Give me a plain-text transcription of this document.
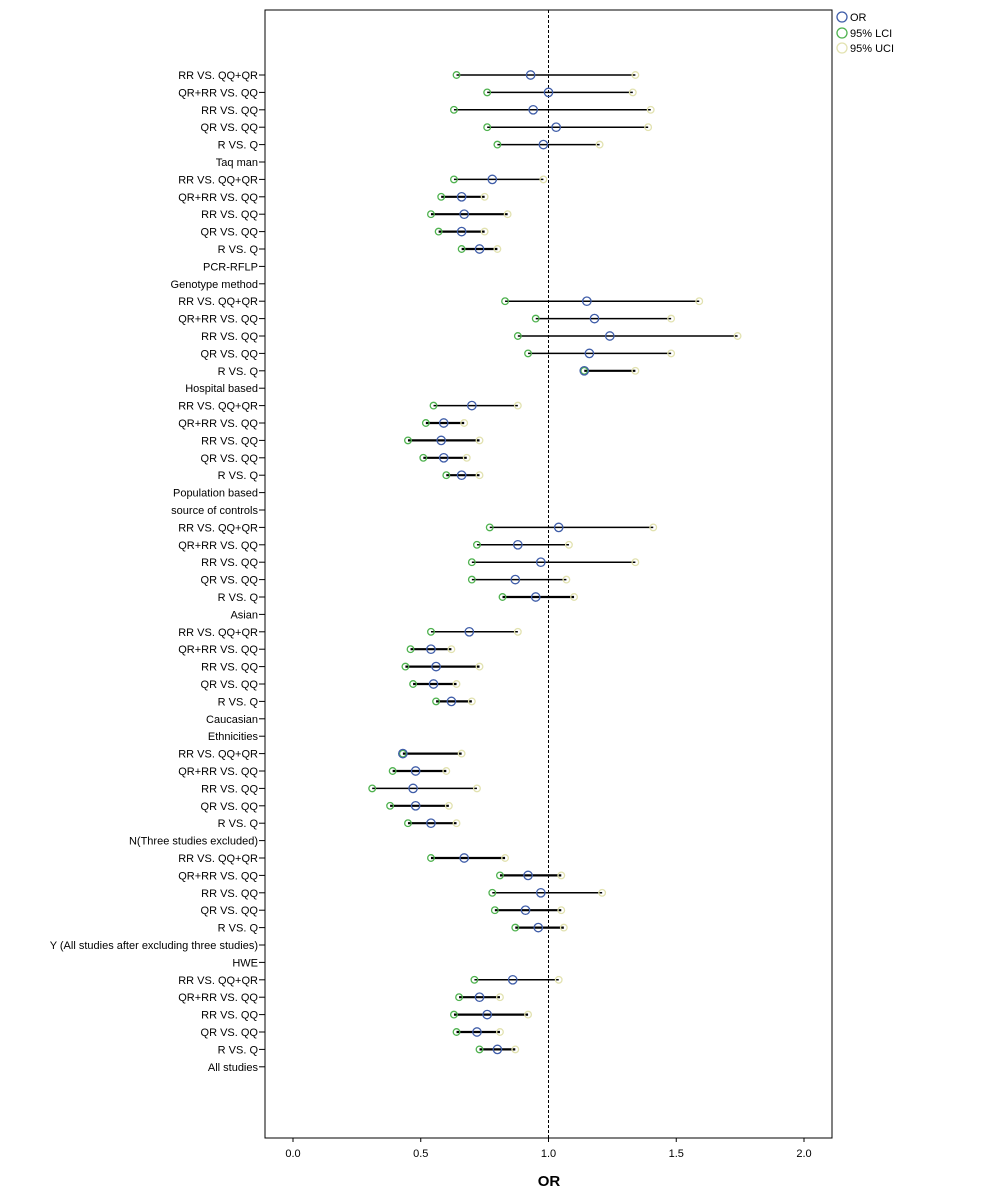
0.0	0.5	1.0	1.5	2.0
RR VS. QQ+QR
QR+RR VS. QQ
RR VS. QQ
QR VS. QQ
R VS. Q
Taq man
RR VS. QQ+QR
QR+RR VS. QQ
RR VS. QQ
QR VS. QQ
R VS. Q
PCR-RFLP
Genotype method
RR VS. QQ+QR
QR+RR VS. QQ
RR VS. QQ
QR VS. QQ
R VS. Q
Hospital based
RR VS. QQ+QR
QR+RR VS. QQ
RR VS. QQ
QR VS. QQ
R VS. Q
Population based
source of controls
RR VS. QQ+QR
QR+RR VS. QQ
RR VS. QQ
QR VS. QQ
R VS. Q
Asian
RR VS. QQ+QR
QR+RR VS. QQ
RR VS. QQ
QR VS. QQ
R VS. Q
Caucasian
Ethnicities
RR VS. QQ+QR
QR+RR VS. QQ
RR VS. QQ
QR VS. QQ
R VS. Q
N(Three studies excluded)
RR VS. QQ+QR
QR+RR VS. QQ
RR VS. QQ
QR VS. QQ
R VS. Q
Y (All studies after excluding three studies)
HWE
RR VS. QQ+QR
QR+RR VS. QQ
RR VS. QQ
QR VS. QQ
R VS. Q
All studies
OR
OR
95% LCI
95% UCI
